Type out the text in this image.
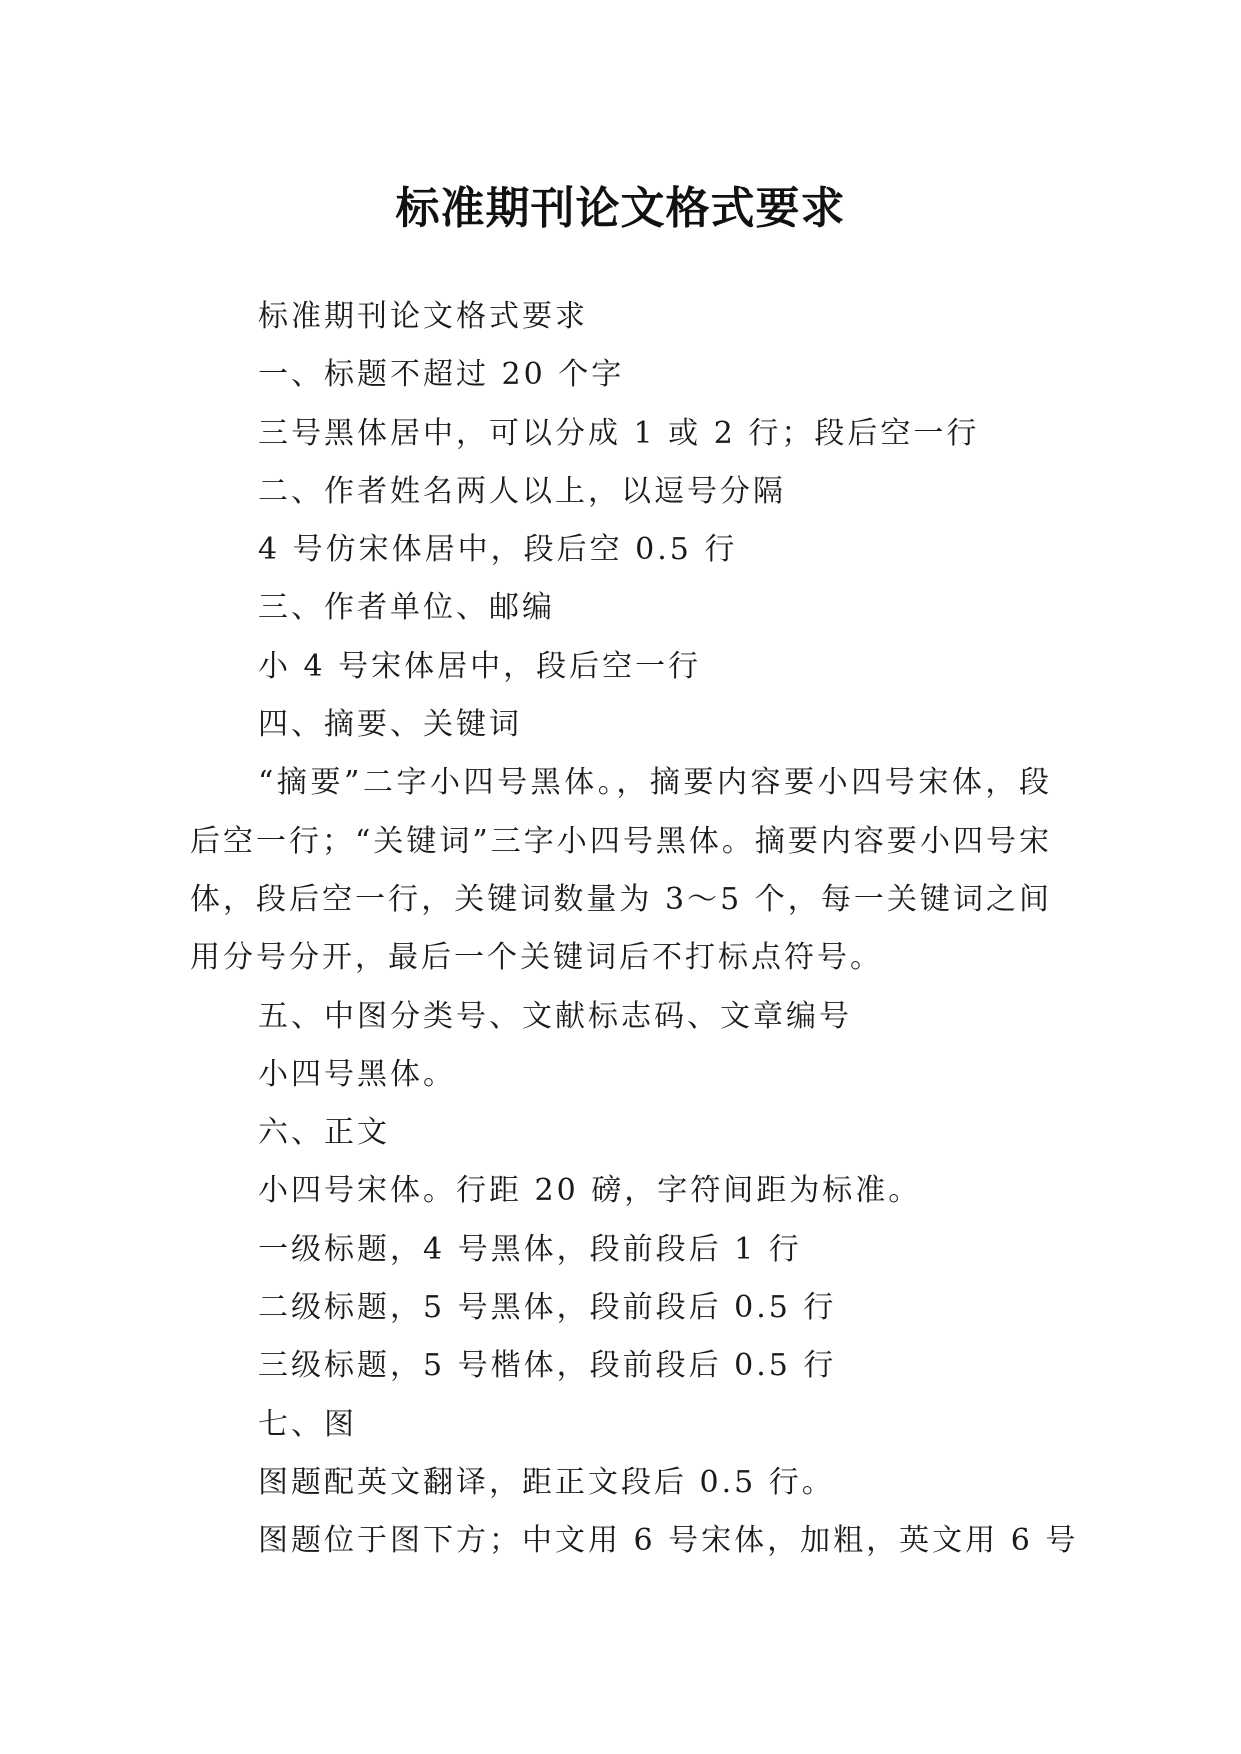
标准期刊论文格式要求

标准期刊论文格式要求

一、标题不超过 20 个字

三号黑体居中，可以分成 1 或 2 行；段后空一行

二、作者姓名两人以上，以逗号分隔

4 号仿宋体居中，段后空 0.5 行

三、作者单位、邮编

小 4 号宋体居中，段后空一行

四、摘要、关键词

“摘要”二字小四号黑体。，摘要内容要小四号宋体，段后空一行；“关键词”三字小四号黑体。摘要内容要小四号宋体，段后空一行，关键词数量为 3～5 个，每一关键词之间用分号分开，最后一个关键词后不打标点符号。

五、中图分类号、文献标志码、文章编号

小四号黑体。

六、正文

小四号宋体。行距 20 磅，字符间距为标准。

一级标题，4 号黑体，段前段后 1 行

二级标题，5 号黑体，段前段后 0.5 行

三级标题，5 号楷体，段前段后 0.5 行

七、图

图题配英文翻译，距正文段后 0.5 行。

图题位于图下方；中文用 6 号宋体，加粗，英文用 6 号
